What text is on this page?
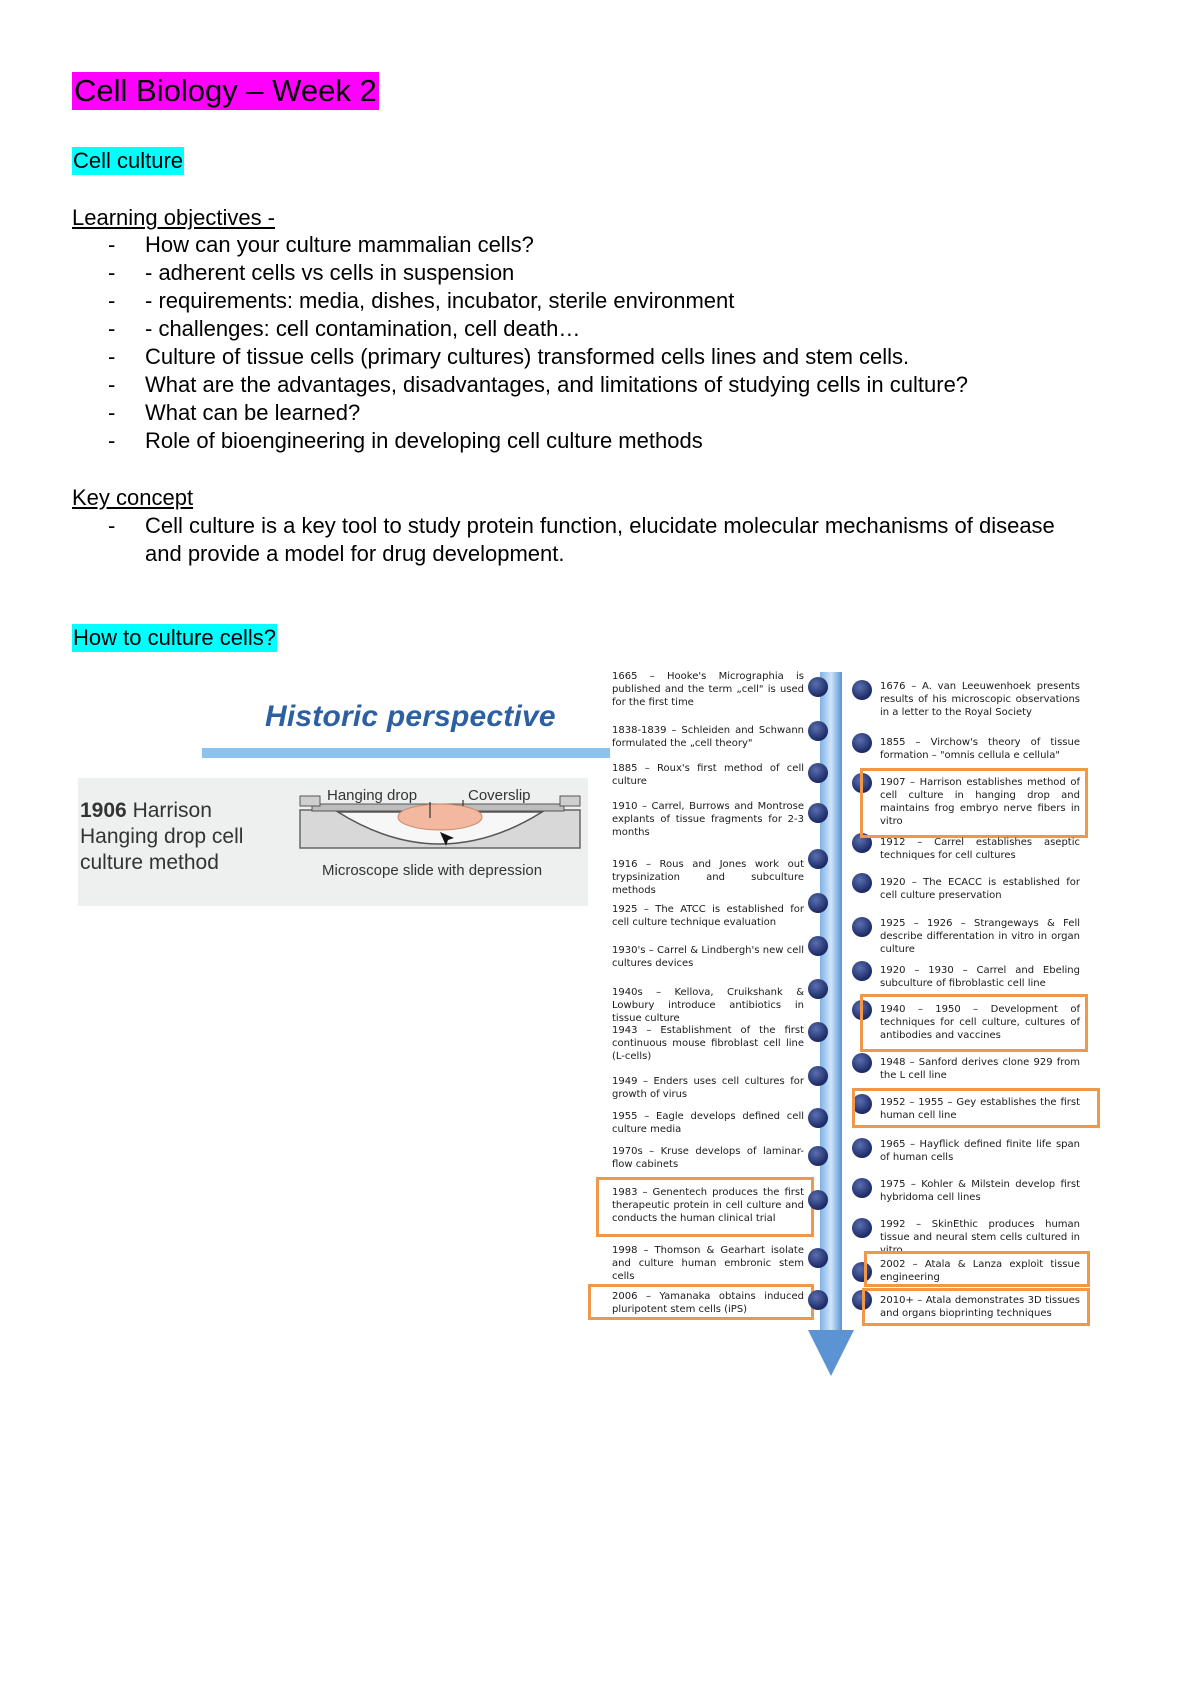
Cell Biology – Week 2
Cell culture
Learning objectives -
- How can your culture mammalian cells?
- - adherent cells vs cells in suspension
- - requirements: media, dishes, incubator, sterile environment
- - challenges: cell contamination, cell death…
- Culture of tissue cells (primary cultures) transformed cells lines and stem cells.
- What are the advantages, disadvantages, and limitations of studying cells in culture?
- What can be learned?
- Role of bioengineering in developing cell culture methods
Key concept
- Cell culture is a key tool to study protein function, elucidate molecular mechanisms of disease and provide a model for drug development.
How to culture cells?
Historic perspective
1906 Harrison
Hanging drop cell
culture method
Hanging drop	Coverslip
Microscope slide with depression
1665 – Hooke's Micrographia is published and the term „cell" is used for the first time
1838-1839 – Schleiden and Schwann formulated the „cell theory"
1885 – Roux's first method of cell culture
1910 – Carrel, Burrows and Montrose explants of tissue fragments for 2-3 months
1916 – Rous and Jones work out trypsinization and subculture methods
1925 – The ATCC is established for cell culture technique evaluation
1930's – Carrel & Lindbergh's new cell cultures devices
1940s – Kellova, Cruikshank & Lowbury introduce antibiotics in tissue culture
1943 – Establishment of the first continuous mouse fibroblast cell line (L-cells)
1949 – Enders uses cell cultures for growth of virus
1955 – Eagle develops defined cell culture media
1970s – Kruse develops of laminar-flow cabinets
1983 – Genentech produces the first therapeutic protein in cell culture and conducts the human clinical trial
1998 – Thomson & Gearhart isolate and culture human embronic stem cells
2006 – Yamanaka obtains induced pluripotent stem cells (iPS)
1676 – A. van Leeuwenhoek presents results of his microscopic observations in a letter to the Royal Society
1855 – Virchow's theory of tissue formation – "omnis cellula e cellula"
1907 – Harrison establishes method of cell culture in hanging drop and maintains frog embryo nerve fibers in vitro
1912 – Carrel establishes aseptic techniques for cell cultures
1920 – The ECACC is established for cell culture preservation
1925 – 1926 – Strangeways & Fell describe differentation in vitro in organ culture
1920 – 1930 – Carrel and Ebeling subculture of fibroblastic cell line
1940 – 1950 – Development of techniques for cell culture, cultures of antibodies and vaccines
1948 – Sanford derives clone 929 from the L cell line
1952 – 1955 – Gey establishes the first human cell line
1965 – Hayflick defined finite life span of human cells
1975 – Kohler & Milstein develop first hybridoma cell lines
1992 – SkinEthic produces human tissue and neural stem cells cultured in vitro
2002 – Atala & Lanza exploit tissue engineering
2010+ – Atala demonstrates 3D tissues and organs bioprinting techniques
